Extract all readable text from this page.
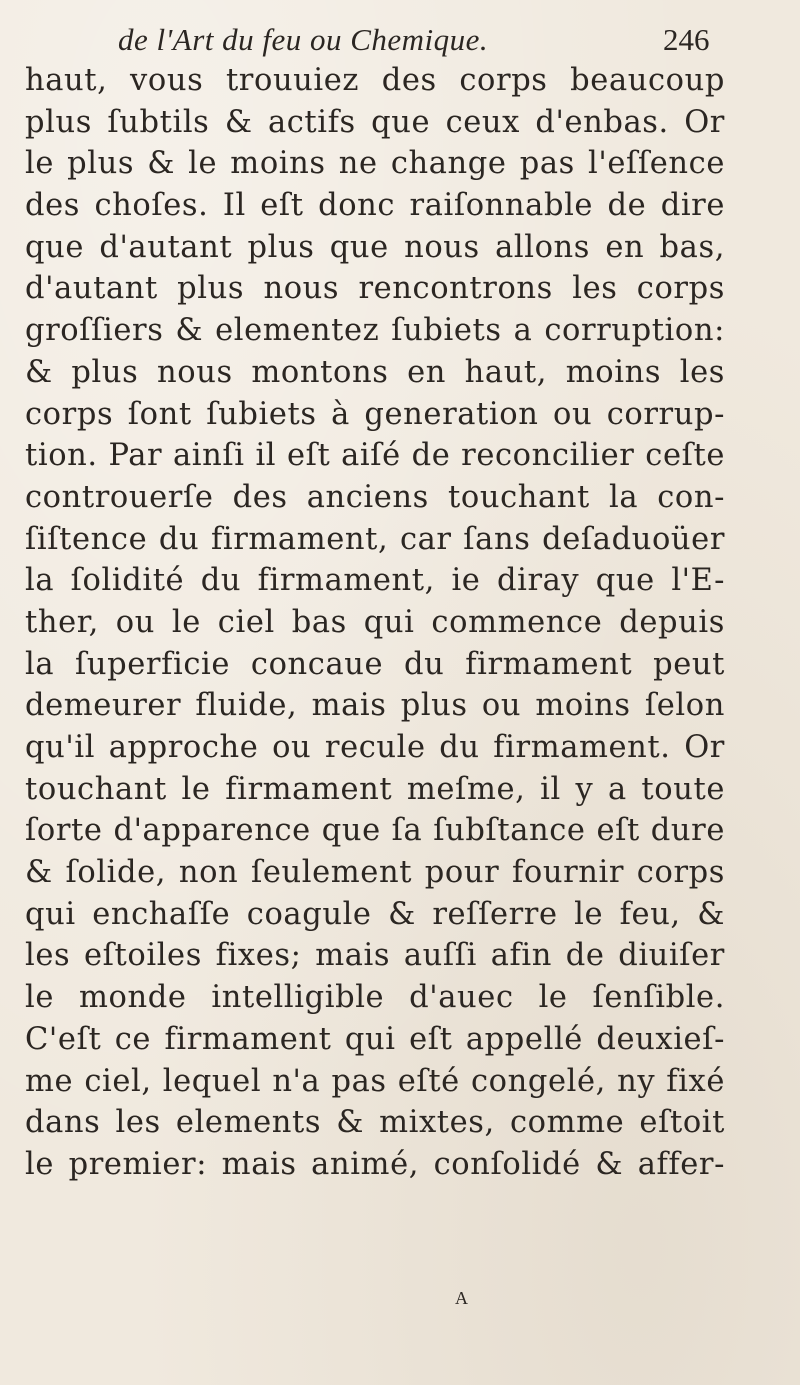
de l'Art du feu ou Chemique.	246
haut, vous trouuiez des corps beaucoup
plus ſubtils & actifs que ceux d'enbas. Or
le plus & le moins ne change pas l'eſſence
des choſes. Il eſt donc raiſonnable de dire
que d'autant plus que nous allons en bas,
d'autant plus nous rencontrons les corps
groſſiers & elementez ſubiets a corruption:
& plus nous montons en haut, moins les
corps ſont ſubiets à generation ou corrup-
tion. Par ainſi il eſt aiſé de reconcilier ceſte
controuerſe des anciens touchant la con-
ſiſtence du firmament, car ſans deſaduoüer
la ſolidité du firmament, ie diray que l'E-
ther, ou le ciel bas qui commence depuis
la ſuperficie concaue du firmament peut
demeurer fluide, mais plus ou moins ſelon
qu'il approche ou recule du firmament. Or
touchant le firmament meſme, il y a toute
ſorte d'apparence que ſa ſubſtance eſt dure
& ſolide, non ſeulement pour fournir corps
qui enchaſſe coagule & reſſerre le feu, &
les eſtoiles fixes; mais auſſi afin de diuiſer
le monde intelligible d'auec le ſenſible.
C'eſt ce firmament qui eſt appellé deuxieſ-
me ciel, lequel n'a pas eſté congelé, ny fixé
dans les elements & mixtes, comme eſtoit
le premier: mais animé, conſolidé & affer-
A
